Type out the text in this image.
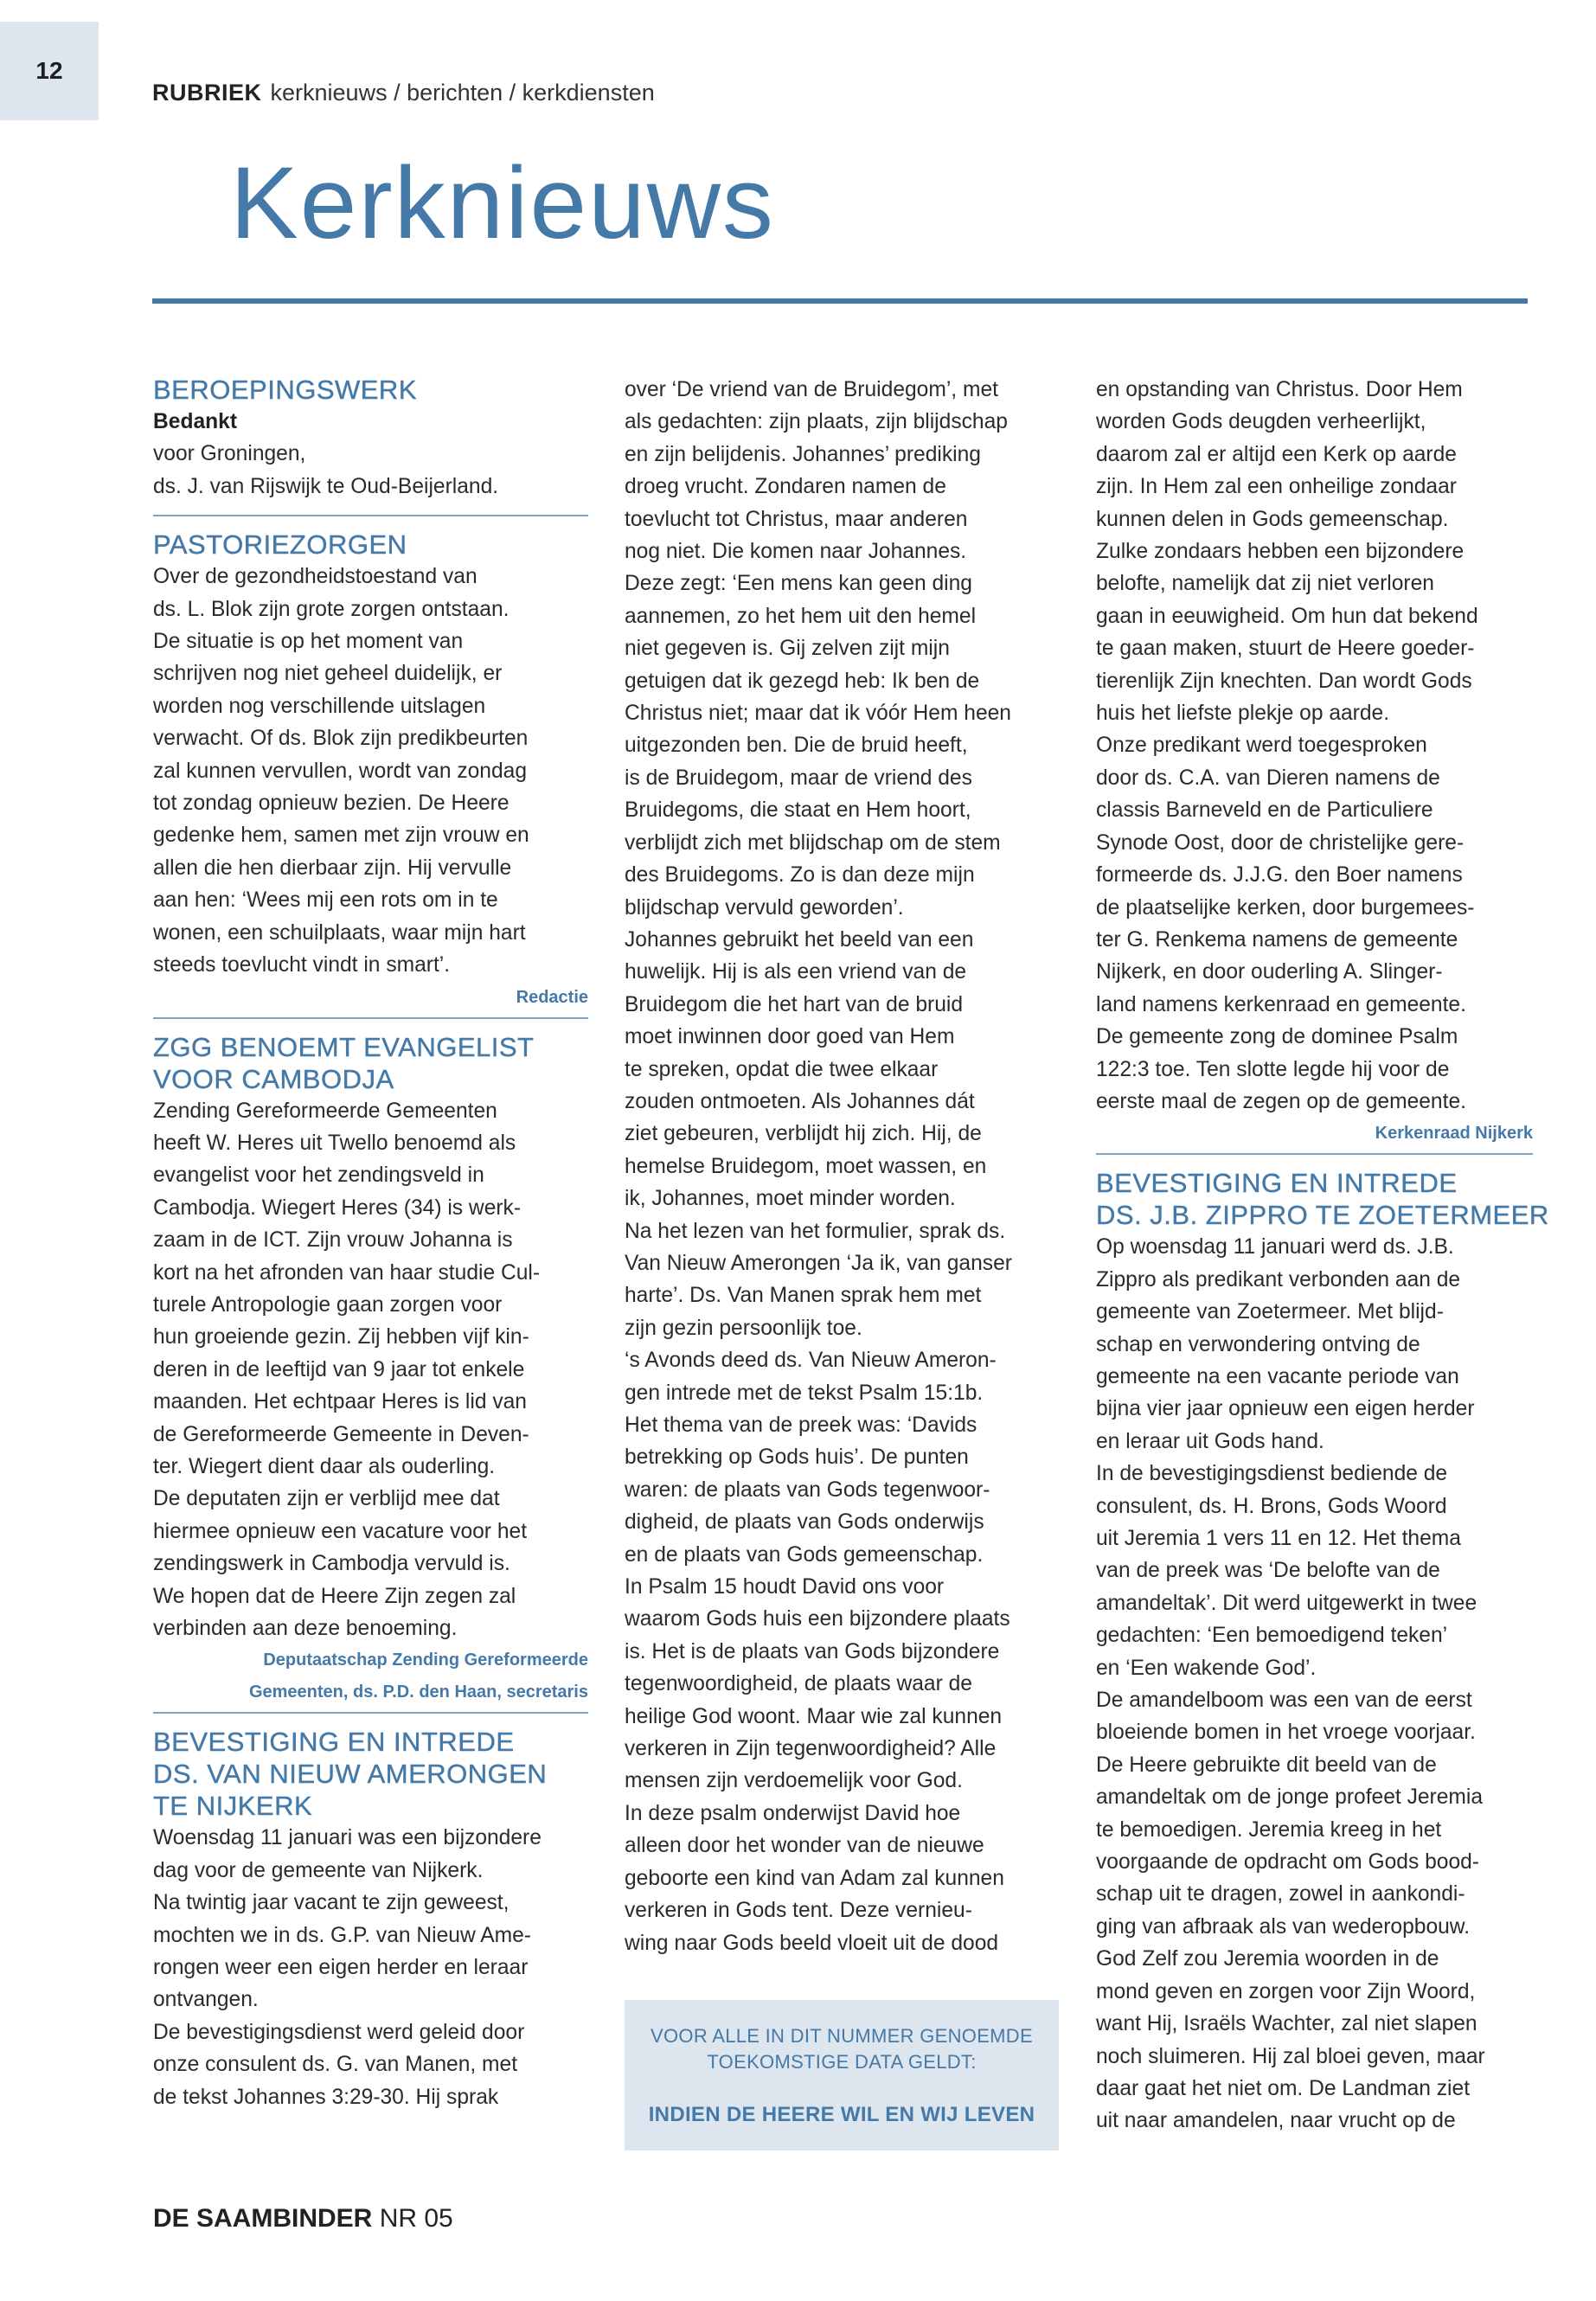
12
RUBRIEK kerknieuws / berichten / kerkdiensten
Kerknieuws
BEROEPINGSWERK
Bedankt

voor Groningen,

ds. J. van Rijswijk te Oud-Beijerland.

PASTORIEZORGEN

Over de gezondheidstoestand van

ds. L. Blok zijn grote zorgen ontstaan.

De situatie is op het moment van

schrijven nog niet geheel duidelijk, er

worden nog verschillende uitslagen

verwacht. Of ds. Blok zijn predikbeurten

zal kunnen vervullen, wordt van zondag

tot zondag opnieuw bezien. De Heere

gedenke hem, samen met zijn vrouw en

allen die hen dierbaar zijn. Hij vervulle

aan hen: ‘Wees mij een rots om in te

wonen, een schuilplaats, waar mijn hart

steeds toevlucht vindt in smart’.

Redactie
ZGG BENOEMT EVANGELIST
VOOR CAMBODJA

Zending Gereformeerde Gemeenten

heeft W. Heres uit Twello benoemd als

evangelist voor het zendingsveld in

Cambodja. Wiegert Heres (34) is werk-

zaam in de ICT. Zijn vrouw Johanna is

kort na het afronden van haar studie Cul-

turele Antropologie gaan zorgen voor

hun groeiende gezin. Zij hebben vijf kin-

deren in de leeftijd van 9 jaar tot enkele

maanden. Het echtpaar Heres is lid van

de Gereformeerde Gemeente in Deven-

ter. Wiegert dient daar als ouderling.

De deputaten zijn er verblijd mee dat

hiermee opnieuw een vacature voor het

zendingswerk in Cambodja vervuld is.

We hopen dat de Heere Zijn zegen zal

verbinden aan deze benoeming.

Deputaatschap Zending Gereformeerde
Gemeenten, ds. P.D. den Haan, secretaris
BEVESTIGING EN INTREDE
DS. VAN NIEUW AMERONGEN
TE NIJKERK

Woensdag 11 januari was een bijzondere

dag voor de gemeente van Nijkerk.

Na twintig jaar vacant te zijn geweest,

mochten we in ds. G.P. van Nieuw Ame-

rongen weer een eigen herder en leraar

ontvangen.

De bevestigingsdienst werd geleid door

onze consulent ds. G. van Manen, met

de tekst Johannes 3:29-30. Hij sprak

over ‘De vriend van de Bruidegom’, met

als gedachten: zijn plaats, zijn blijdschap

en zijn belijdenis. Johannes’ prediking

droeg vrucht. Zondaren namen de

toevlucht tot Christus, maar anderen

nog niet. Die komen naar Johannes.

Deze zegt: ‘Een mens kan geen ding

aannemen, zo het hem uit den hemel

niet gegeven is. Gij zelven zijt mijn

getuigen dat ik gezegd heb: Ik ben de

Christus niet; maar dat ik vóór Hem heen

uitgezonden ben. Die de bruid heeft,

is de Bruidegom, maar de vriend des

Bruidegoms, die staat en Hem hoort,

verblijdt zich met blijdschap om de stem

des Bruidegoms. Zo is dan deze mijn

blijdschap vervuld geworden’.

Johannes gebruikt het beeld van een

huwelijk. Hij is als een vriend van de

Bruidegom die het hart van de bruid

moet inwinnen door goed van Hem

te spreken, opdat die twee elkaar

zouden ontmoeten. Als Johannes dát

ziet gebeuren, verblijdt hij zich. Hij, de

hemelse Bruidegom, moet wassen, en

ik, Johannes, moet minder worden.

Na het lezen van het formulier, sprak ds.

Van Nieuw Amerongen ‘Ja ik, van ganser

harte’. Ds. Van Manen sprak hem met

zijn gezin persoonlijk toe.

‘s Avonds deed ds. Van Nieuw Ameron-

gen intrede met de tekst Psalm 15:1b.

Het thema van de preek was: ‘Davids

betrekking op Gods huis’. De punten

waren: de plaats van Gods tegenwoor-

digheid, de plaats van Gods onderwijs

en de plaats van Gods gemeenschap.

In Psalm 15 houdt David ons voor

waarom Gods huis een bijzondere plaats

is. Het is de plaats van Gods bijzondere

tegenwoordigheid, de plaats waar de

heilige God woont. Maar wie zal kunnen

verkeren in Zijn tegenwoordigheid? Alle

mensen zijn verdoemelijk voor God.

In deze psalm onderwijst David hoe

alleen door het wonder van de nieuwe

geboorte een kind van Adam zal kunnen

verkeren in Gods tent. Deze vernieu-

wing naar Gods beeld vloeit uit de dood

VOOR ALLE IN DIT NUMMER GENOEMDE
TOEKOMSTIGE DATA GELDT:
INDIEN DE HEERE WIL EN WIJ LEVEN

en opstanding van Christus. Door Hem

worden Gods deugden verheerlijkt,

daarom zal er altijd een Kerk op aarde

zijn. In Hem zal een onheilige zondaar

kunnen delen in Gods gemeenschap.

Zulke zondaars hebben een bijzondere

belofte, namelijk dat zij niet verloren

gaan in eeuwigheid. Om hun dat bekend

te gaan maken, stuurt de Heere goeder-

tierenlijk Zijn knechten. Dan wordt Gods

huis het liefste plekje op aarde.

Onze predikant werd toegesproken

door ds. C.A. van Dieren namens de

classis Barneveld en de Particuliere

Synode Oost, door de christelijke gere-

formeerde ds. J.J.G. den Boer namens

de plaatselijke kerken, door burgemees-

ter G. Renkema namens de gemeente

Nijkerk, en door ouderling A. Slinger-

land namens kerkenraad en gemeente.

De gemeente zong de dominee Psalm

122:3 toe. Ten slotte legde hij voor de

eerste maal de zegen op de gemeente.

Kerkenraad Nijkerk
BEVESTIGING EN INTREDE
DS. J.B. ZIPPRO TE ZOETERMEER

Op woensdag 11 januari werd ds. J.B.

Zippro als predikant verbonden aan de

gemeente van Zoetermeer. Met blijd-

schap en verwondering ontving de

gemeente na een vacante periode van

bijna vier jaar opnieuw een eigen herder

en leraar uit Gods hand.

In de bevestigingsdienst bediende de

consulent, ds. H. Brons, Gods Woord

uit Jeremia 1 vers 11 en 12. Het thema

van de preek was ‘De belofte van de

amandeltak’. Dit werd uitgewerkt in twee

gedachten: ‘Een bemoedigend teken’

en ‘Een wakende God’.

De amandelboom was een van de eerst

bloeiende bomen in het vroege voorjaar.

De Heere gebruikte dit beeld van de

amandeltak om de jonge profeet Jeremia

te bemoedigen. Jeremia kreeg in het

voorgaande de opdracht om Gods bood-

schap uit te dragen, zowel in aankondi-

ging van afbraak als van wederopbouw.

God Zelf zou Jeremia woorden in de

mond geven en zorgen voor Zijn Woord,

want Hij, Israëls Wachter, zal niet slapen

noch sluimeren. Hij zal bloei geven, maar

daar gaat het niet om. De Landman ziet

uit naar amandelen, naar vrucht op de

DE SAAMBINDER NR 05
